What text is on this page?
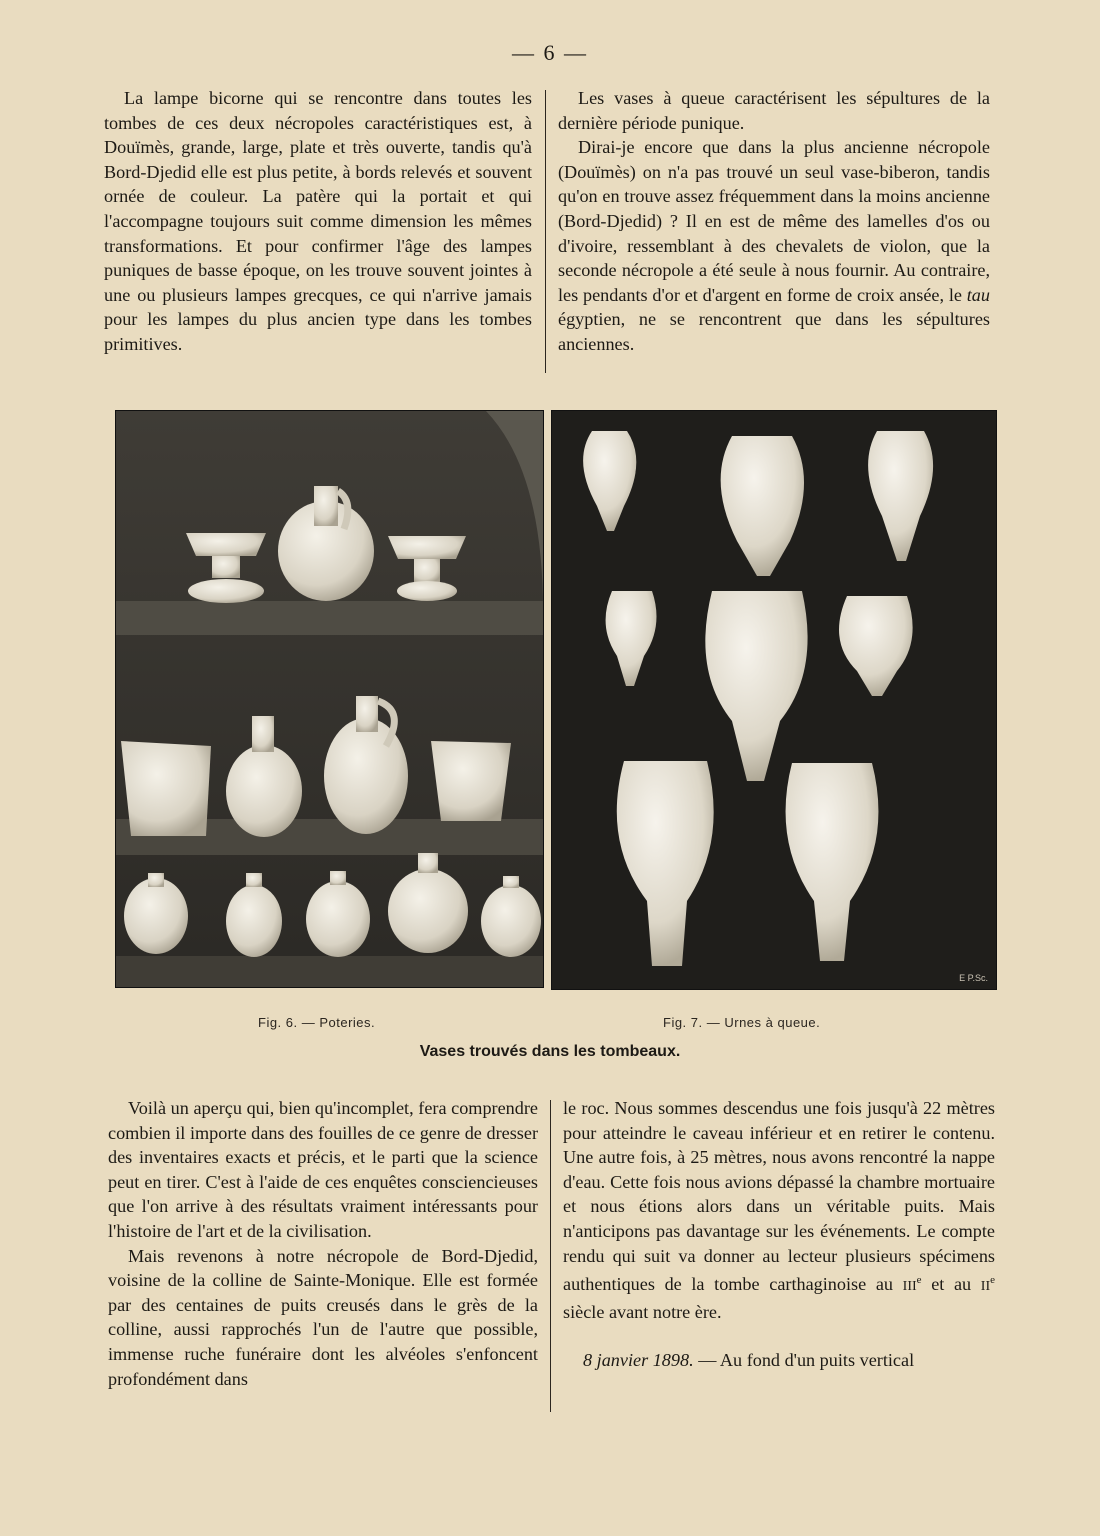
— 6 —

La lampe bicorne qui se rencontre dans toutes les tombes de ces deux nécropoles caractéristiques est, à Douïmès, grande, large, plate et très ouverte, tandis qu'à Bord-Djedid elle est plus petite, à bords relevés et souvent ornée de couleur. La patère qui la portait et qui l'accompagne toujours suit comme dimension les mêmes transformations. Et pour confirmer l'âge des lampes puniques de basse époque, on les trouve souvent jointes à une ou plusieurs lampes grecques, ce qui n'arrive jamais pour les lampes du plus ancien type dans les tombes primitives.

Les vases à queue caractérisent les sépultures de la dernière période punique.

Dirai-je encore que dans la plus ancienne nécropole (Douïmès) on n'a pas trouvé un seul vase-biberon, tandis qu'on en trouve assez fréquemment dans la moins ancienne (Bord-Djedid) ? Il en est de même des lamelles d'os ou d'ivoire, ressemblant à des chevalets de violon, que la seconde nécropole a été seule à nous fournir. Au contraire, les pendants d'or et d'argent en forme de croix ansée, le tau égyptien, ne se rencontrent que dans les sépultures anciennes.

E P.Sc.
Fig. 6. — Poteries.	Fig. 7. — Urnes à queue.
Vases trouvés dans les tombeaux.

Voilà un aperçu qui, bien qu'incomplet, fera comprendre combien il importe dans des fouilles de ce genre de dresser des inventaires exacts et précis, et le parti que la science peut en tirer. C'est à l'aide de ces enquêtes consciencieuses que l'on arrive à des résultats vraiment intéressants pour l'histoire de l'art et de la civilisation.

Mais revenons à notre nécropole de Bord-Djedid, voisine de la colline de Sainte-Monique. Elle est formée par des centaines de puits creusés dans le grès de la colline, aussi rapprochés l'un de l'autre que possible, immense ruche funéraire dont les alvéoles s'enfoncent profondément dans

le roc. Nous sommes descendus une fois jusqu'à 22 mètres pour atteindre le caveau inférieur et en retirer le contenu. Une autre fois, à 25 mètres, nous avons rencontré la nappe d'eau. Cette fois nous avions dépassé la chambre mortuaire et nous étions alors dans un véritable puits. Mais n'anticipons pas davantage sur les événements. Le compte rendu qui suit va donner au lecteur plusieurs spécimens authentiques de la tombe carthaginoise au IIIe et au IIe siècle avant notre ère.

8 janvier 1898. — Au fond d'un puits vertical
